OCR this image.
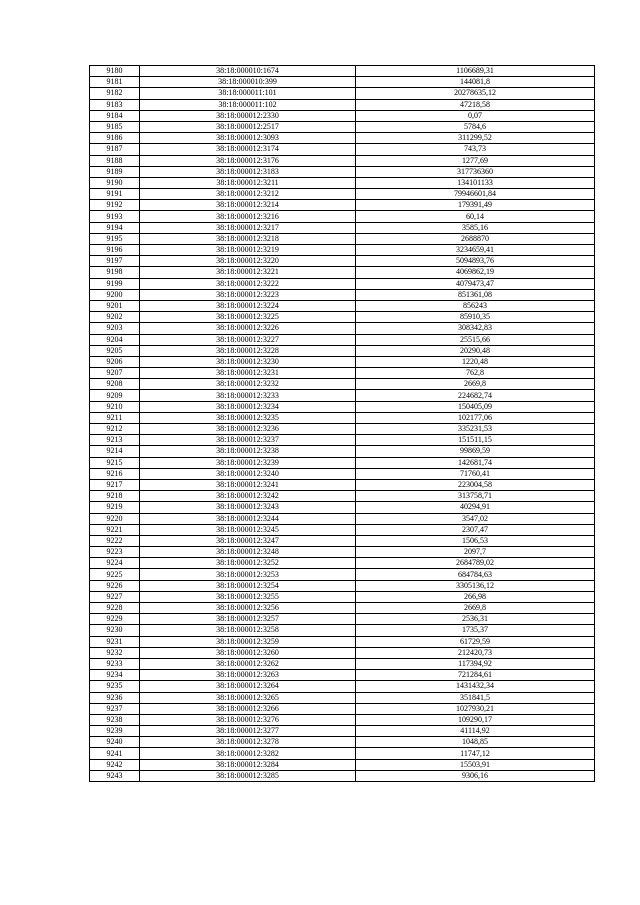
9180	38:18:000010:1674	1106689,31
9181	38:18:000010:399	144081,8
9182	38:18:000011:101	20278635,12
9183	38:18:000011:102	47218,58
9184	38:18:000012:2330	0,07
9185	38:18:000012:2517	5784,6
9186	38:18:000012:3093	311299,52
9187	38:18:000012:3174	743,73
9188	38:18:000012:3176	1277,69
9189	38:18:000012:3183	317736360
9190	38:18:000012:3211	134101133
9191	38:18:000012:3212	79946601,84
9192	38:18:000012:3214	179391,49
9193	38:18:000012:3216	60,14
9194	38:18:000012:3217	3585,16
9195	38:18:000012:3218	2688870
9196	38:18:000012:3219	3234659,41
9197	38:18:000012:3220	5094893,76
9198	38:18:000012:3221	4069862,19
9199	38:18:000012:3222	4079473,47
9200	38:18:000012:3223	851361,08
9201	38:18:000012:3224	856243
9202	38:18:000012:3225	85910,35
9203	38:18:000012:3226	308342,83
9204	38:18:000012:3227	25515,66
9205	38:18:000012:3228	20290,48
9206	38:18:000012:3230	1220,48
9207	38:18:000012:3231	762,8
9208	38:18:000012:3232	2669,8
9209	38:18:000012:3233	224682,74
9210	38:18:000012:3234	150405,09
9211	38:18:000012:3235	102177,06
9212	38:18:000012:3236	335231,53
9213	38:18:000012:3237	151511,15
9214	38:18:000012:3238	99869,59
9215	38:18:000012:3239	142681,74
9216	38:18:000012:3240	71760,41
9217	38:18:000012:3241	223004,58
9218	38:18:000012:3242	313758,71
9219	38:18:000012:3243	40294,91
9220	38:18:000012:3244	3547,02
9221	38:18:000012:3245	2307,47
9222	38:18:000012:3247	1506,53
9223	38:18:000012:3248	2097,7
9224	38:18:000012:3252	2684789,02
9225	38:18:000012:3253	684784,63
9226	38:18:000012:3254	3305136,12
9227	38:18:000012:3255	266,98
9228	38:18:000012:3256	2669,8
9229	38:18:000012:3257	2536,31
9230	38:18:000012:3258	1735,37
9231	38:18:000012:3259	61729,59
9232	38:18:000012:3260	212420,73
9233	38:18:000012:3262	117394,92
9234	38:18:000012:3263	721284,61
9235	38:18:000012:3264	1431432,34
9236	38:18:000012:3265	351841,5
9237	38:18:000012:3266	1027930,21
9238	38:18:000012:3276	109290,17
9239	38:18:000012:3277	41114,92
9240	38:18:000012:3278	1048,85
9241	38:18:000012:3282	11747,12
9242	38:18:000012:3284	15503,91
9243	38:18:000012:3285	9306,16
